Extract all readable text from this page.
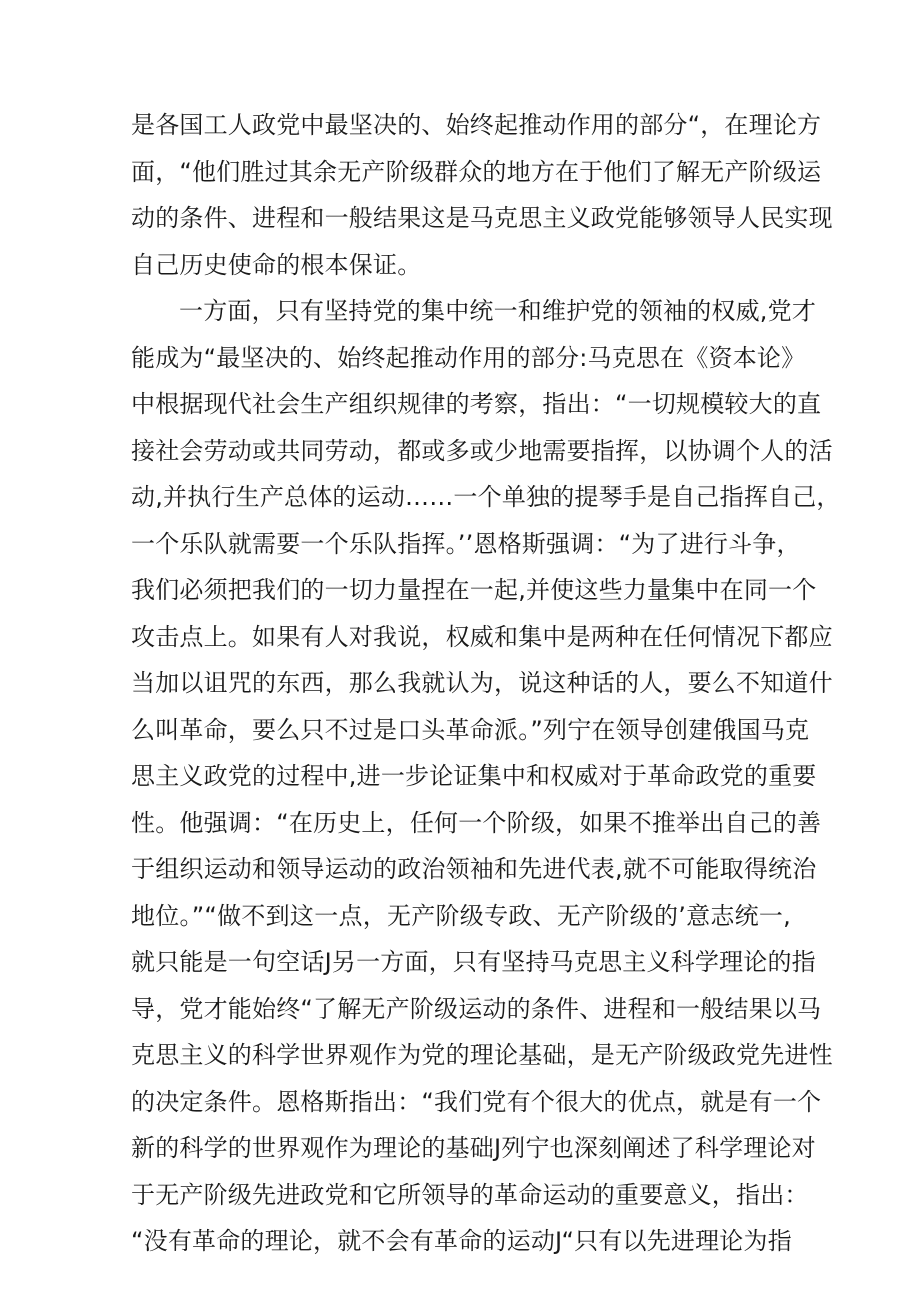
是各国工人政党中最坚决的、始终起推动作用的部分“，在理论方
面，“他们胜过其余无产阶级群众的地方在于他们了解无产阶级运
动的条件、进程和一般结果这是马克思主义政党能够领导人民实现
自己历史使命的根本保证。
一方面，只有坚持党的集中统一和维护党的领袖的权威,党才
能成为“最坚决的、始终起推动作用的部分:马克思在《资本论》
中根据现代社会生产组织规律的考察，指出：“一切规模较大的直
接社会劳动或共同劳动，都或多或少地需要指挥，以协调个人的活
动,并执行生产总体的运动……一个单独的提琴手是自己指挥自己，
一个乐队就需要一个乐队指挥。’’恩格斯强调：“为了进行斗争，
我们必须把我们的一切力量捏在一起,并使这些力量集中在同一个
攻击点上。如果有人对我说，权威和集中是两种在任何情况下都应
当加以诅咒的东西，那么我就认为，说这种话的人，要么不知道什
么叫革命，要么只不过是口头革命派。”列宁在领导创建俄国马克
思主义政党的过程中,进一步论证集中和权威对于革命政党的重要
性。他强调：“在历史上，任何一个阶级，如果不推举出自己的善
于组织运动和领导运动的政治领袖和先进代表,就不可能取得统治
地位。”“做不到这一点，无产阶级专政、无产阶级的’意志统一,
就只能是一句空话J另一方面，只有坚持马克思主义科学理论的指
导，党才能始终“了解无产阶级运动的条件、进程和一般结果以马
克思主义的科学世界观作为党的理论基础，是无产阶级政党先进性
的决定条件。恩格斯指出：“我们党有个很大的优点，就是有一个
新的科学的世界观作为理论的基础J列宁也深刻阐述了科学理论对
于无产阶级先进政党和它所领导的革命运动的重要意义，指出：
“没有革命的理论，就不会有革命的运动J“只有以先进理论为指
